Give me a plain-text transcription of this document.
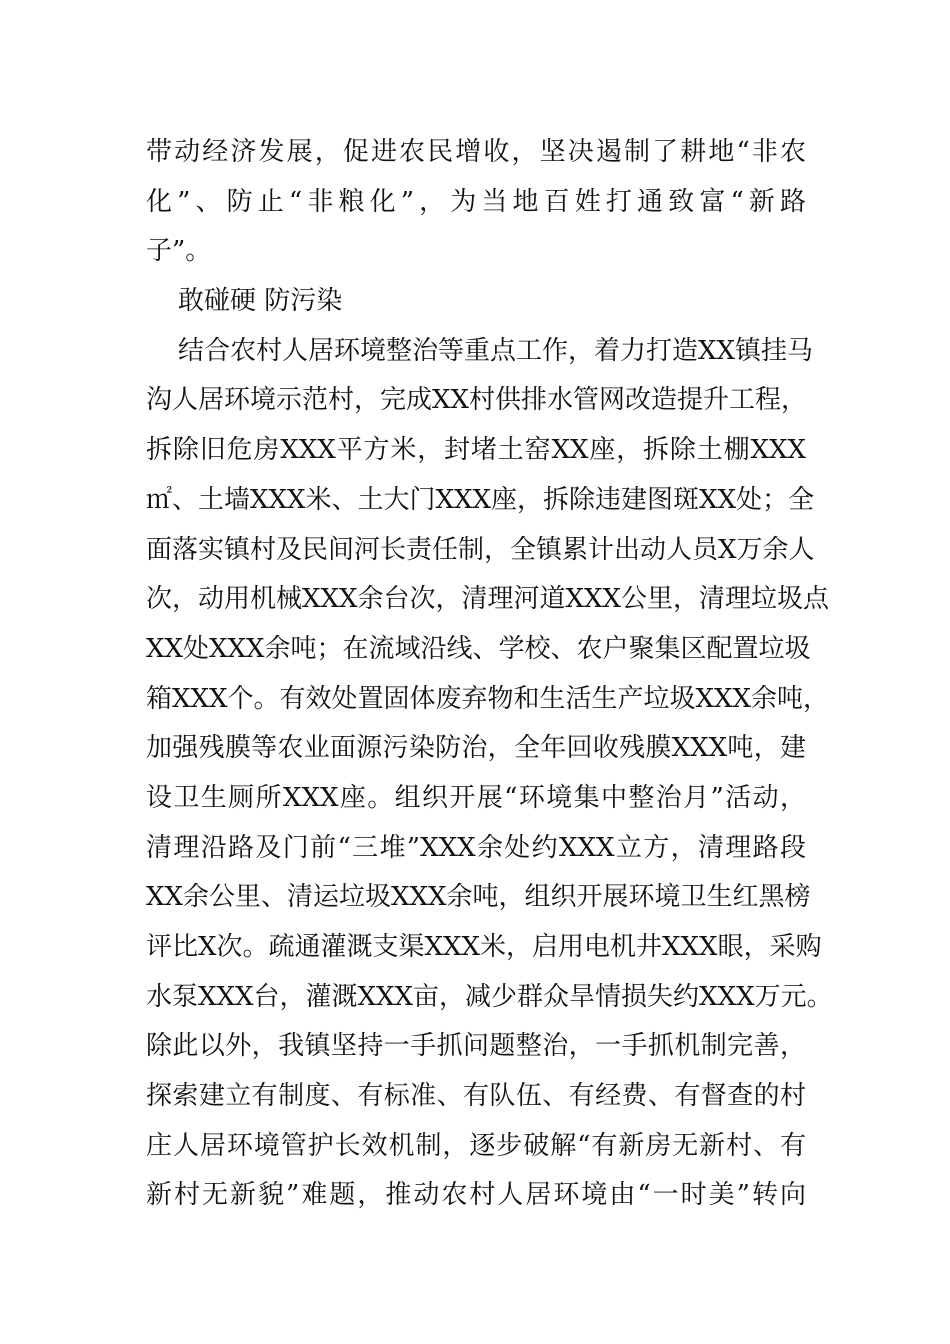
带动经济发展，促进农民增收，坚决遏制了耕地“非农
化”、防止“非粮化”，为当地百姓打通致富“新路
子”。
敢碰硬 防污染
结合农村人居环境整治等重点工作，着力打造XX镇挂马
沟人居环境示范村，完成XX村供排水管网改造提升工程，
拆除旧危房XXX平方米，封堵土窑XX座，拆除土棚XXX
㎡、土墙XXX米、土大门XXX座，拆除违建图斑XX处；全
面落实镇村及民间河长责任制，全镇累计出动人员X万余人
次，动用机械XXX余台次，清理河道XXX公里，清理垃圾点
XX处XXX余吨；在流域沿线、学校、农户聚集区配置垃圾
箱XXX个。有效处置固体废弃物和生活生产垃圾XXX余吨，
加强残膜等农业面源污染防治，全年回收残膜XXX吨，建
设卫生厕所XXX座。组织开展“环境集中整治月”活动，
清理沿路及门前“三堆”XXX余处约XXX立方，清理路段
XX余公里、清运垃圾XXX余吨，组织开展环境卫生红黑榜
评比X次。疏通灌溉支渠XXX米，启用电机井XXX眼，采购
水泵XXX台，灌溉XXX亩，减少群众旱情损失约XXX万元。
除此以外，我镇坚持一手抓问题整治，一手抓机制完善，
探索建立有制度、有标准、有队伍、有经费、有督查的村
庄人居环境管护长效机制，逐步破解“有新房无新村、有
新村无新貌”难题，推动农村人居环境由“一时美”转向
